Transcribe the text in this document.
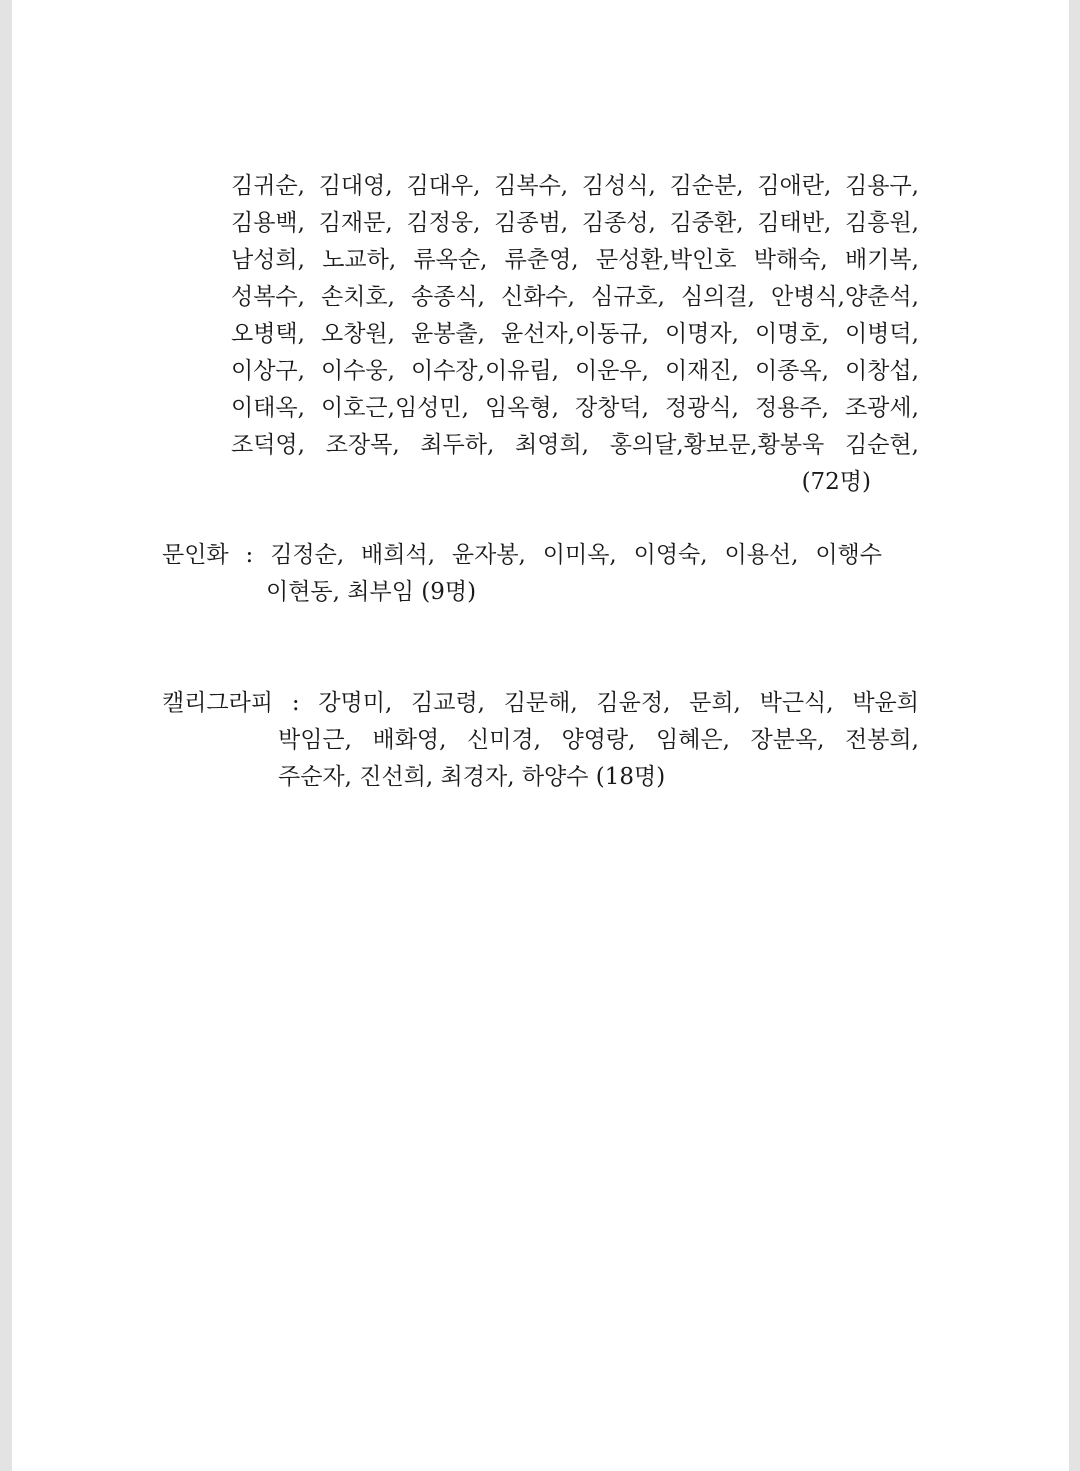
김귀순, 김대영, 김대우, 김복수, 김성식, 김순분, 김애란, 김용구,
김용백, 김재문, 김정웅, 김종범, 김종성, 김중환, 김태반, 김흥원,
남성희, 노교하, 류옥순, 류춘영, 문성환,박인호 박해숙, 배기복,
성복수, 손치호, 송종식, 신화수, 심규호, 심의걸, 안병식,양춘석,
오병택, 오창원, 윤봉출, 윤선자,이동규, 이명자, 이명호, 이병덕,
이상구, 이수웅, 이수장,이유림, 이운우, 이재진, 이종옥, 이창섭,
이태옥, 이호근,임성민, 임옥형, 장창덕, 정광식, 정용주, 조광세,
조덕영, 조장목, 최두하, 최영희, 홍의달,황보문,황봉욱 김순현,
(72명)
문인화 : 김정순, 배희석, 윤자봉, 이미옥, 이영숙, 이용선, 이행수
이현동, 최부임 (9명)
캘리그라피 : 강명미, 김교령, 김문해, 김윤정, 문희, 박근식, 박윤희
박임근, 배화영, 신미경, 양영랑, 임혜은, 장분옥, 전봉희,
주순자, 진선희, 최경자, 하양수 (18명)
